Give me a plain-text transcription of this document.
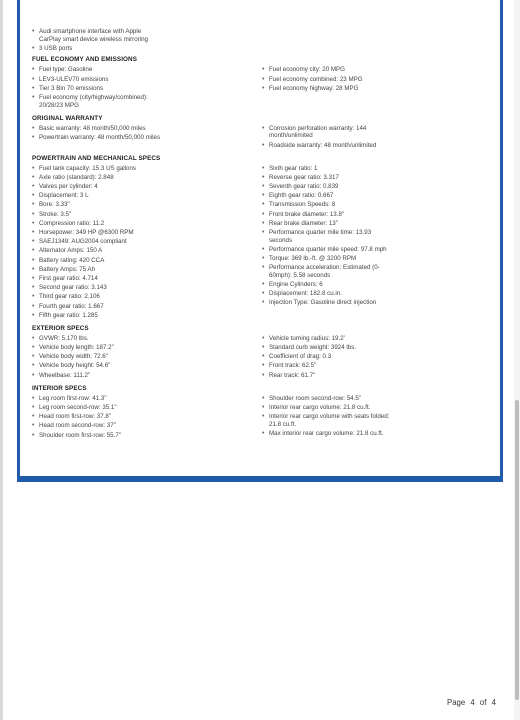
• Audi smartphone interface with Apple CarPlay smart device wireless mirroring
• 3 USB ports
FUEL ECONOMY AND EMISSIONS
• Fuel type: Gasoline
• LEV3-ULEV70 emissions
• Tier 3 Bin 70 emissions
• Fuel economy (city/highway/combined): 20/28/23 MPG
• Fuel economy city: 20 MPG
• Fuel economy combined: 23 MPG
• Fuel economy highway: 28 MPG
ORIGINAL WARRANTY
• Basic warranty: 48 month/50,000 miles
• Powertrain warranty: 48 month/50,000 miles
• Corrosion perforation warranty: 144 month/unlimited
• Roadside warranty: 48 month/unlimited
POWERTRAIN AND MECHANICAL SPECS
• Fuel tank capacity: 15.3 US gallons
• Axle ratio (standard): 2.848
• Valves per cylinder: 4
• Displacement: 3 L
• Bore: 3.33"
• Stroke: 3.5"
• Compression ratio: 11.2
• Horsepower: 349 HP @6300 RPM
• SAEJ1349: AUG2004 compliant
• Alternator Amps: 150 A
• Battery rating: 420 CCA
• Battery Amps: 75 Ah
• First gear ratio: 4.714
• Second gear ratio: 3.143
• Third gear ratio: 2.106
• Fourth gear ratio: 1.667
• Fifth gear ratio: 1.285
• Sixth gear ratio: 1
• Reverse gear ratio: 3.317
• Seventh gear ratio: 0.839
• Eighth gear ratio: 0.667
• Transmission Speeds: 8
• Front brake diameter: 13.8"
• Rear brake diameter: 13"
• Performance quarter mile time: 13.93 seconds
• Performance quarter mile speed: 97.8 mph
• Torque: 369 lb.-ft. @ 3200 RPM
• Performance acceleration: Estimated (0-60mph): 5.58 seconds
• Engine Cylinders: 6
• Displacement: 182.8 cu.in.
• Injection Type: Gasoline direct injection
EXTERIOR SPECS
• GVWR: 5,170 lbs.
• Vehicle body length: 187.2"
• Vehicle body width: 72.6"
• Vehicle body height: 54.6"
• Wheelbase: 111.2"
• Vehicle turning radius: 19.2'
• Standard curb weight: 3924 lbs.
• Coefficient of drag: 0.3
• Front track: 62.5"
• Rear track: 61.7"
INTERIOR SPECS
• Leg room first-row: 41.3"
• Leg room second-row: 35.1"
• Head room first-row: 37.8"
• Head room second-row: 37"
• Shoulder room first-row: 55.7"
• Shoulder room second-row: 54.5"
• Interior rear cargo volume: 21.8 cu.ft.
• Interior rear cargo volume with seats folded: 21.8 cu.ft.
• Max interior rear cargo volume: 21.8 cu.ft.
Page 4 of 4
